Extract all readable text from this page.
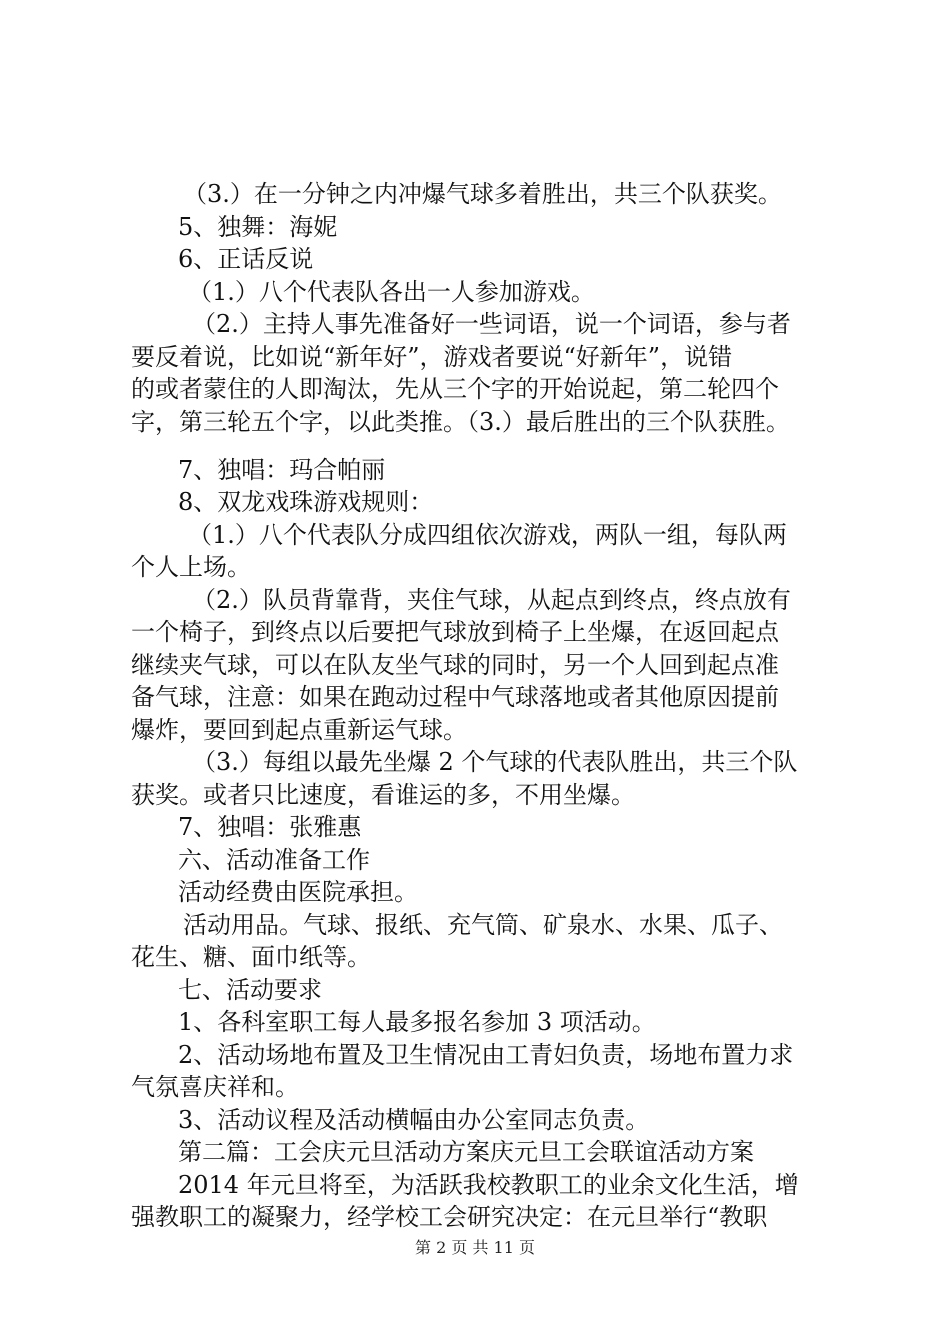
（3.）在一分钟之内冲爆气球多着胜出，共三个队获奖。
5、独舞：海妮
6、正话反说
（1.）八个代表队各出一人参加游戏。
（2.）主持人事先准备好一些词语，说一个词语，参与者
要反着说，比如说“新年好”，游戏者要说“好新年”，说错
的或者蒙住的人即淘汰，先从三个字的开始说起，第二轮四个
字，第三轮五个字，以此类推。（3.）最后胜出的三个队获胜。
7、独唱：玛合帕丽
8、双龙戏珠游戏规则：
（1.）八个代表队分成四组依次游戏，两队一组，每队两
个人上场。
（2.）队员背靠背，夹住气球，从起点到终点，终点放有
一个椅子，到终点以后要把气球放到椅子上坐爆，在返回起点
继续夹气球，可以在队友坐气球的同时，另一个人回到起点准
备气球，注意：如果在跑动过程中气球落地或者其他原因提前
爆炸，要回到起点重新运气球。
（3.）每组以最先坐爆 2 个气球的代表队胜出，共三个队
获奖。或者只比速度，看谁运的多，不用坐爆。
7、独唱：张雅惠
六、活动准备工作
活动经费由医院承担。
活动用品。气球、报纸、充气筒、矿泉水、水果、瓜子、
花生、糖、面巾纸等。
七、活动要求
1、各科室职工每人最多报名参加 3 项活动。
2、活动场地布置及卫生情况由工青妇负责，场地布置力求
气氛喜庆祥和。
3、活动议程及活动横幅由办公室同志负责。
第二篇：工会庆元旦活动方案庆元旦工会联谊活动方案
2014 年元旦将至，为活跃我校教职工的业余文化生活，增
强教职工的凝聚力，经学校工会研究决定：在元旦举行“教职
第 2 页 共 11 页
